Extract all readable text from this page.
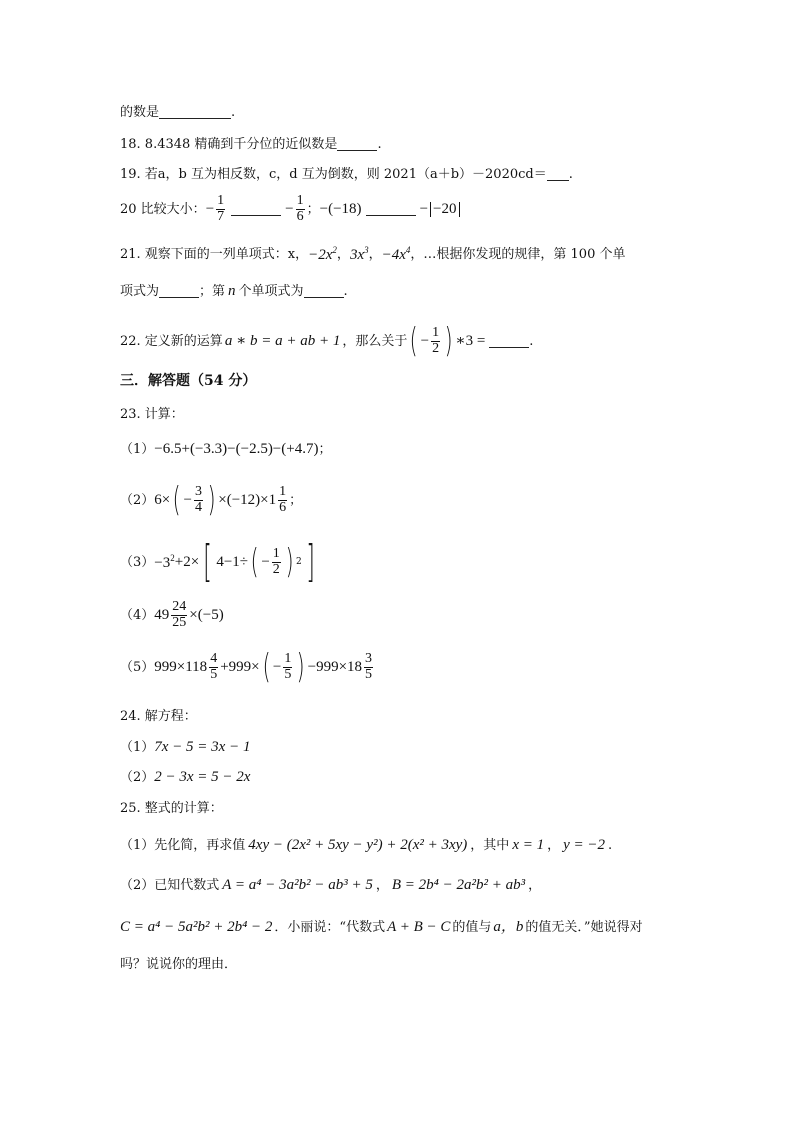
的数是	.
18. 8.4348 精确到千分位的近似数是	.
19. 若a，b 互为相反数，c，d 互为倒数，则 2021（a＋b）－2020cd＝ .
20 比较大小： − $\frac{1}{7}$	− $\frac{1}{6}$ ； −(−18)	− −20
21. 观察下面的一列单项式：x， $-2x^2$ ， $3x^3$ ， $-4x^4$ ，…根据你发现的规律，第 100 个单
项式为	；第 n 个单项式为	.
22. 定义新的运算 a ∗ b = a + ab + 1 ，那么关于 ( − $\frac{1}{2}$ ) ∗3 =	.
三．解答题（54 分）
23. 计算：
（1） −6.5+(−3.3)−(−2.5)−(+4.7) ；
（2） 6× ( − $\frac{3}{4}$ ) $\times(-12)\times 1 \frac{1}{6}$ ；
$(3) -3^2 +2\times$ [ 4−1÷ ( − $\frac{1}{2}$ ) 2 ]
（4） $49 \frac{24}{25} \times(-5)$
（5） $999\times 118 \frac{4}{5} +999\times$ ( − $\frac{1}{5}$ ) $-999\times 18 \frac{3}{5}$
24. 解方程：
（1） 7x − 5 = 3x − 1
（2） 2 − 3x = 5 − 2x
25. 整式的计算：
（1）先化简，再求值 4xy − (2x² + 5xy − y²) + 2(x² + 3xy) ，其中 x = 1 ， y = −2 .
（2）已知代数式 A = a⁴ − 3a²b² − ab³ + 5 ， B = 2b⁴ − 2a²b² + ab³ ，
C = a⁴ − 5a²b² + 2b⁴ − 2 ．小丽说：“代数式 A + B − C 的值与 a，b 的值无关．”她说得对
吗？说说你的理由．
